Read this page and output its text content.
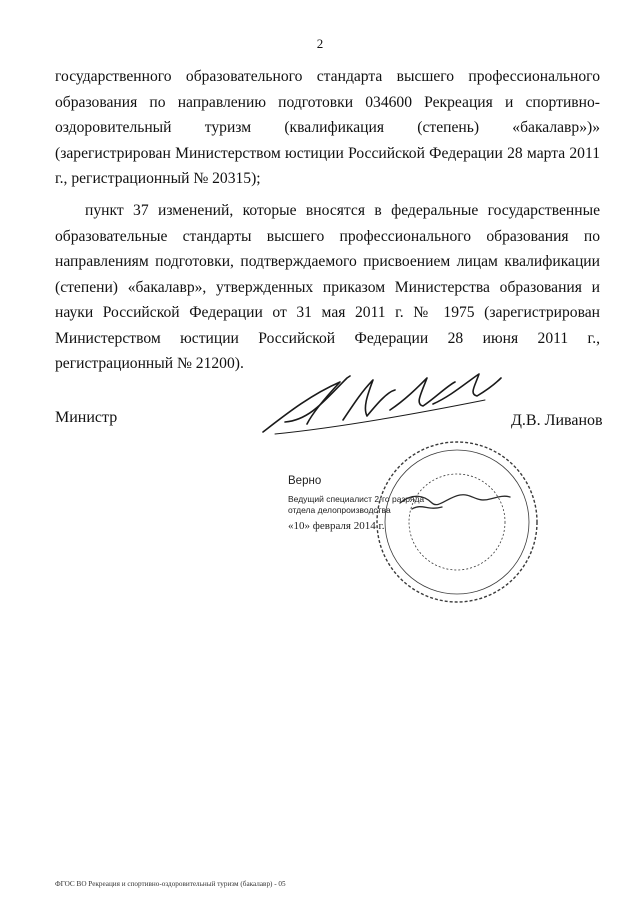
2
государственного образовательного стандарта высшего профессионального образования по направлению подготовки 034600 Рекреация и спортивно-оздоровительный туризм (квалификация (степень) «бакалавр»)» (зарегистрирован Министерством юстиции Российской Федерации 28 марта 2011 г., регистрационный № 20315);
пункт 37 изменений, которые вносятся в федеральные государственные образовательные стандарты высшего профессионального образования по направлениям подготовки, подтверждаемого присвоением лицам квалификации (степени) «бакалавр», утвержденных приказом Министерства образования и науки Российской Федерации от 31 мая 2011 г. № 1975 (зарегистрирован Министерством юстиции Российской Федерации 28 июня 2011 г., регистрационный № 21200).
Министр	Д.В. Ливанов
Верно
Ведущий специалист 2-го разряда
отдела делопроизводства
«10» февраля 2014 г.
ФГОС ВО Рекреация и спортивно-оздоровительный туризм (бакалавр) - 05
